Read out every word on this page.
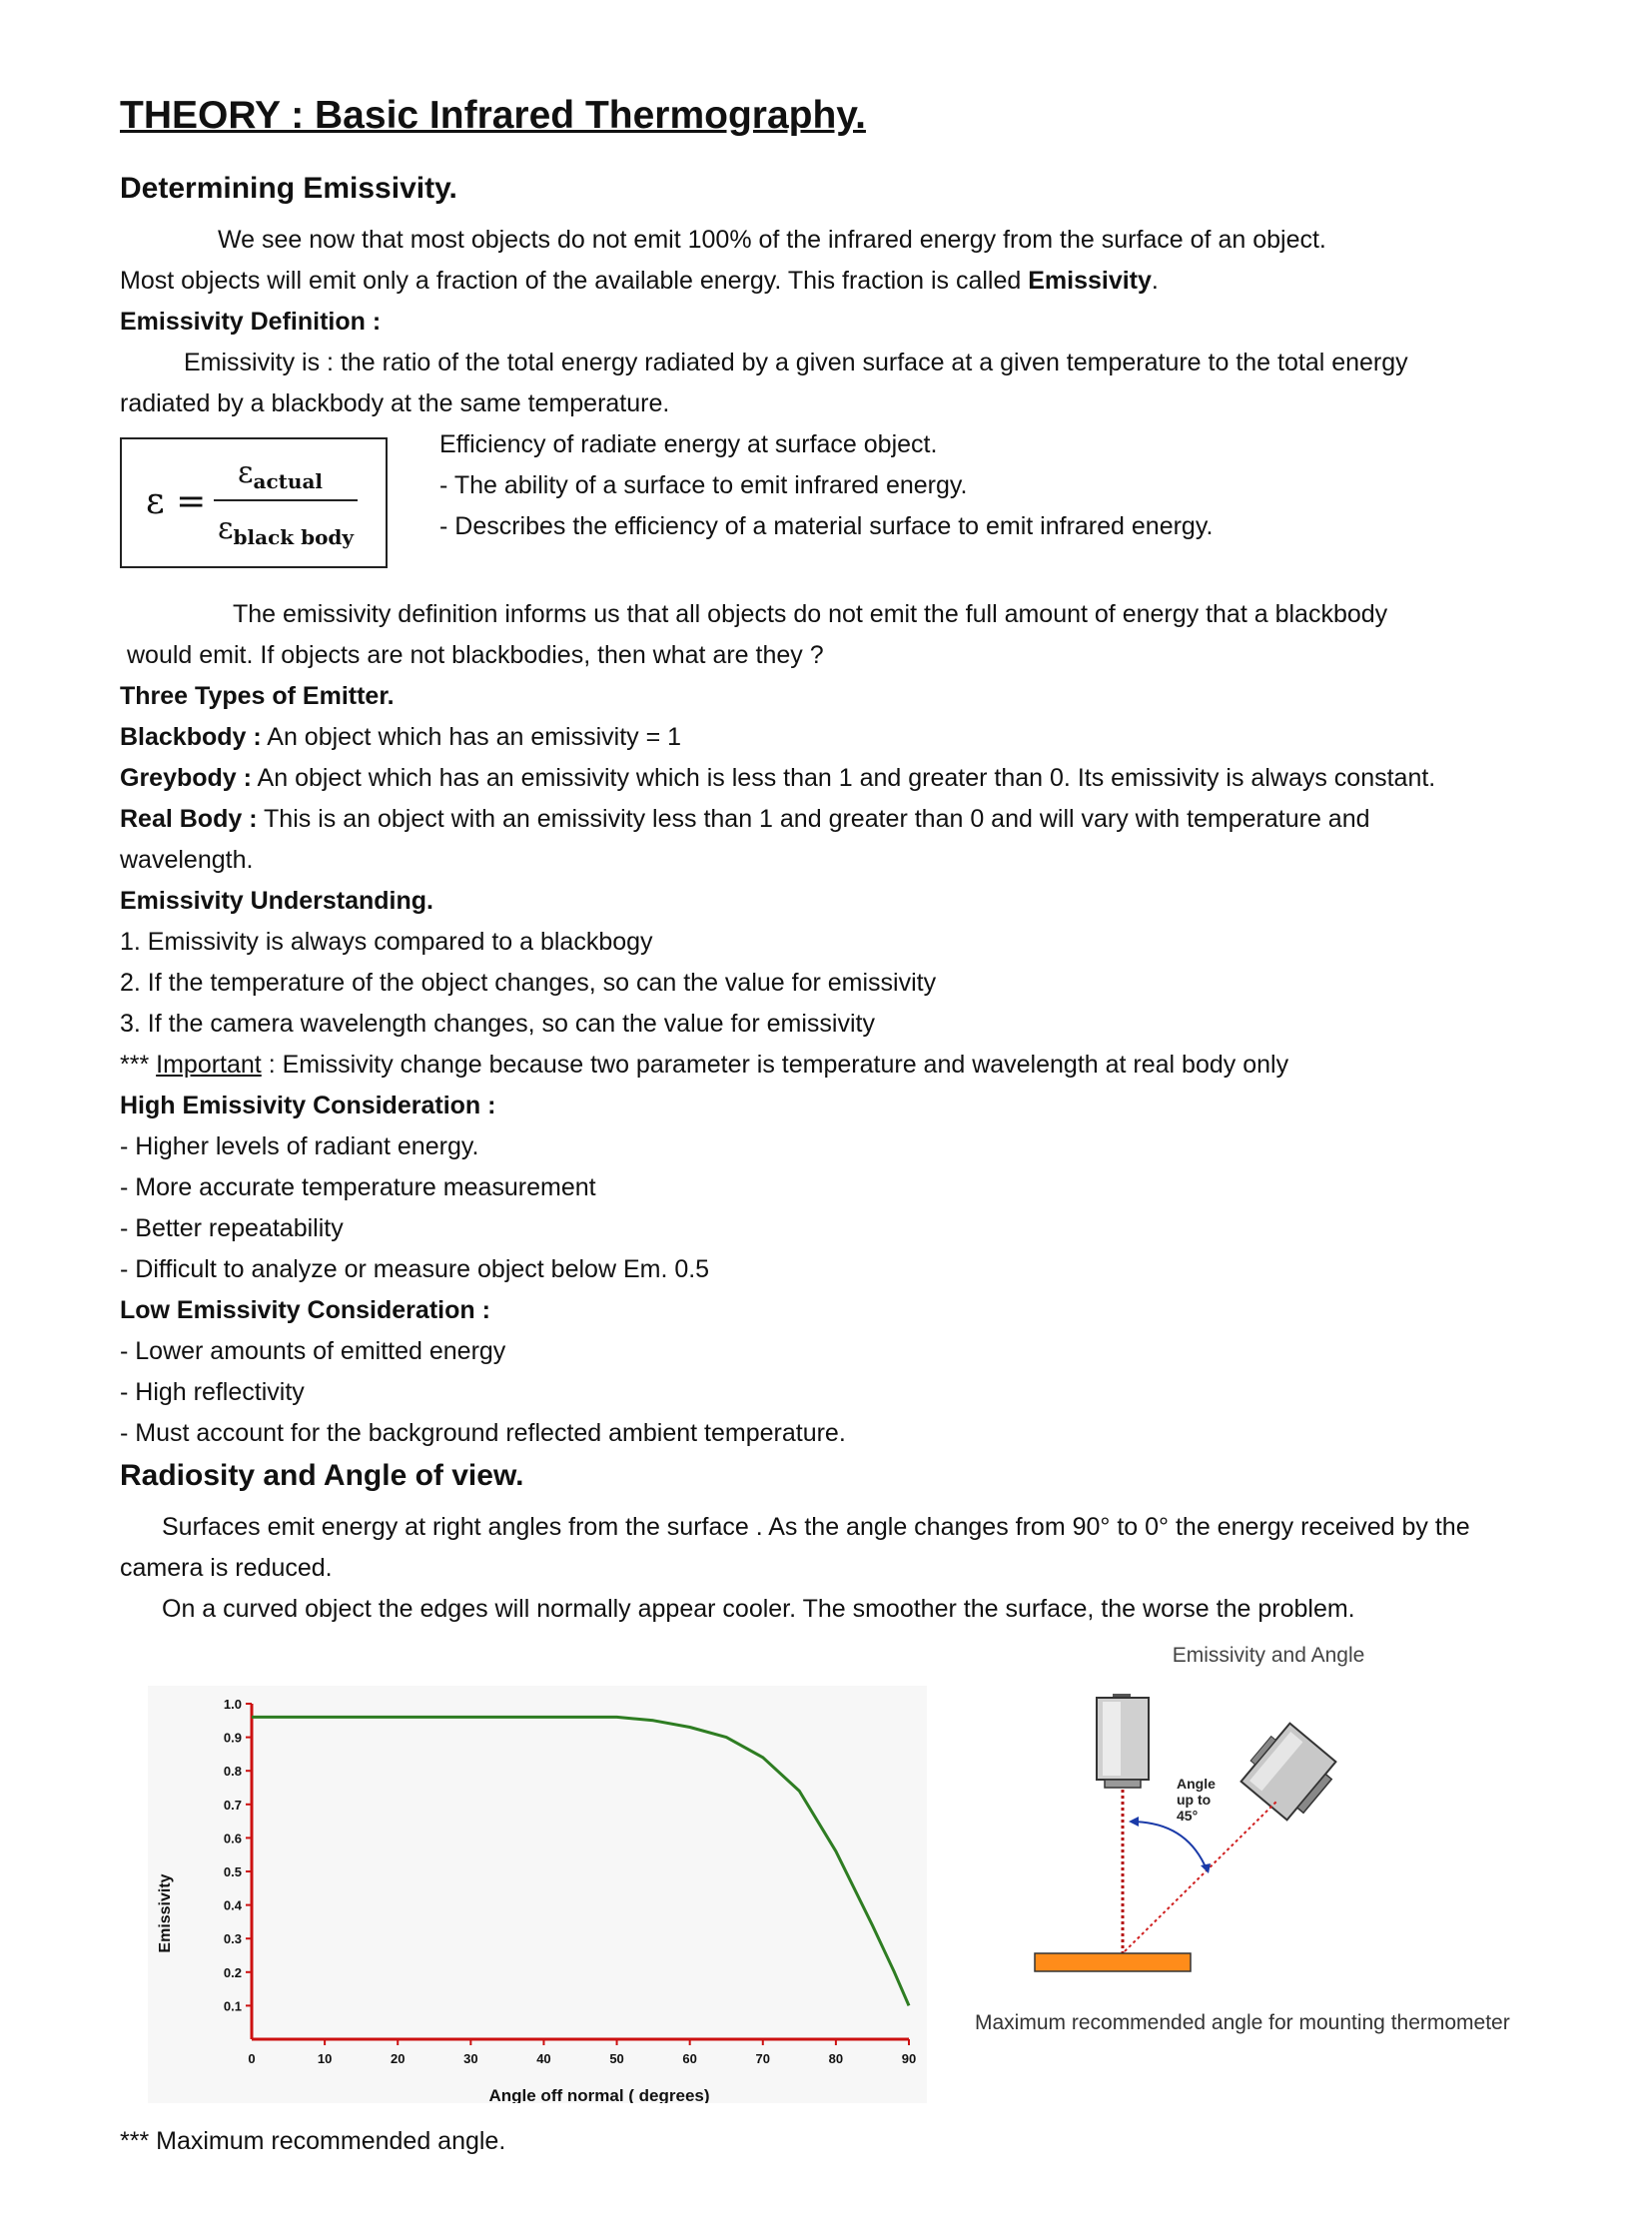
THEORY : Basic Infrared Thermography.
Determining Emissivity.
We see now that most objects do not emit 100% of the infrared energy from the surface of an object.
Most objects will emit only a fraction of the available energy. This fraction is called Emissivity.
Emissivity Definition :
Emissivity is : the ratio of the total energy radiated by a given surface at a given temperature to the total energy
radiated by a blackbody at the same temperature.
ε =
$\varepsilon_{actual}$
$\varepsilon_{black body}$
Efficiency of radiate energy at surface object.
- The ability of a surface to emit infrared energy.
- Describes the efficiency of a material surface to emit infrared energy.
The emissivity definition informs us that all objects do not emit the full amount of energy that a blackbody
would emit. If objects are not blackbodies, then what are they ?
Three Types of Emitter.
Blackbody : An object which has an emissivity = 1
Greybody : An object which has an emissivity which is less than 1 and greater than 0. Its emissivity is always constant.
Real Body : This is an object with an emissivity less than 1 and greater than 0 and will vary with temperature and
wavelength.
Emissivity Understanding.
1. Emissivity is always compared to a blackbogy
2. If the temperature of the object changes, so can the value for emissivity
3. If the camera wavelength changes, so can the value for emissivity
*** Important : Emissivity change because two parameter is temperature and wavelength at real body only
High Emissivity Consideration :
- Higher levels of radiant energy.
- More accurate temperature measurement
- Better repeatability
- Difficult to analyze or measure object below Em. 0.5
Low Emissivity Consideration :
- Lower amounts of emitted energy
- High reflectivity
- Must account for the background reflected ambient temperature.
Radiosity and Angle of view.
Surfaces emit energy at right angles from the surface . As the angle changes from 90° to 0° the energy received by the
camera is reduced.
On a curved object the edges will normally appear cooler. The smoother the surface, the worse the problem.
0.1
0.2
0.3
0.4
0.5
0.6
0.7
0.8
0.9
1.0
0	10	20	30	40	50	60	70	80	90
Emissivity
Angle off normal ( degrees)
Emissivity and Angle
Angle
up to
45°
Maximum recommended angle for mounting thermometer
*** Maximum recommended angle.
